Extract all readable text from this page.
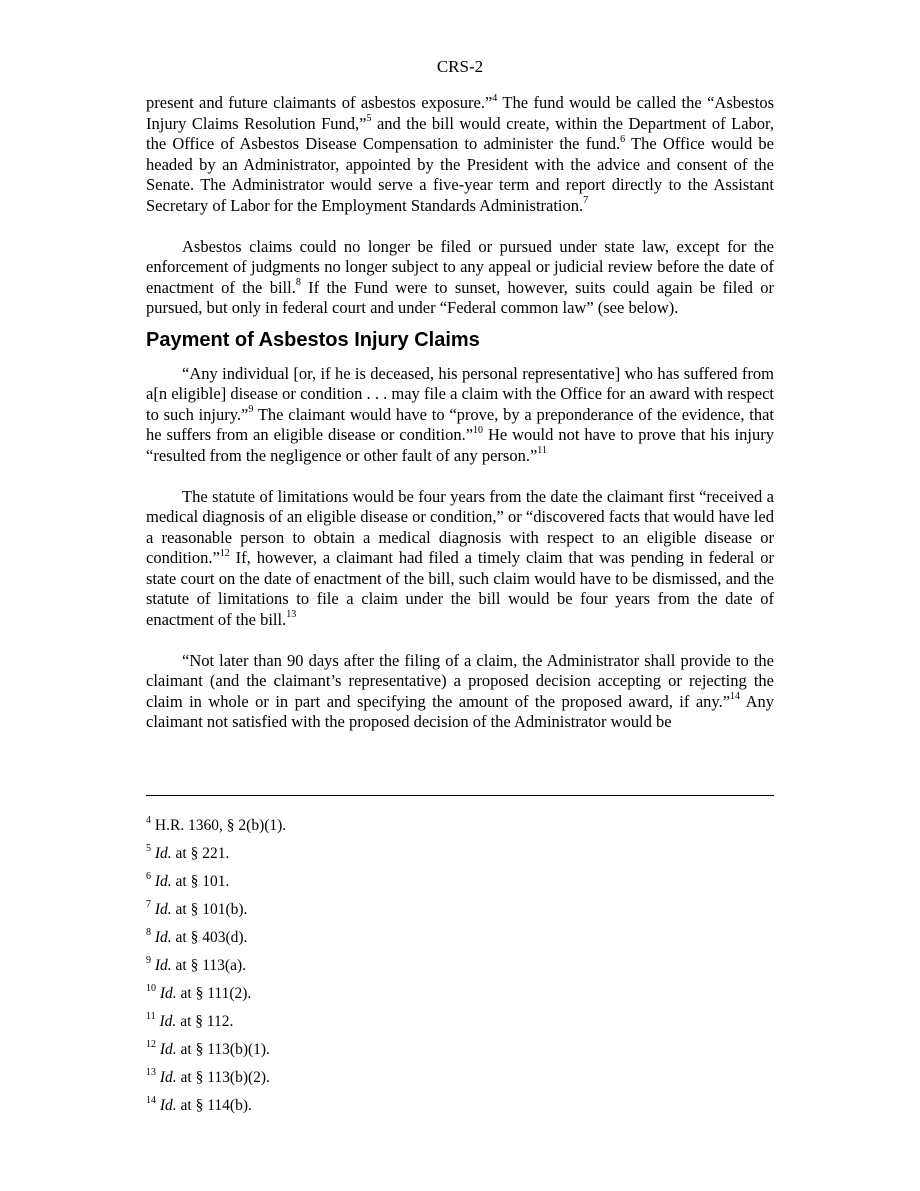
CRS-2

present and future claimants of asbestos exposure.”$^4$ The fund would be called the “Asbestos Injury Claims Resolution Fund,”$^5$ and the bill would create, within the Department of Labor, the Office of Asbestos Disease Compensation to administer the fund.$^6$ The Office would be headed by an Administrator, appointed by the President with the advice and consent of the Senate. The Administrator would serve a five-year term and report directly to the Assistant Secretary of Labor for the Employment Standards Administration.$^7$

Asbestos claims could no longer be filed or pursued under state law, except for the enforcement of judgments no longer subject to any appeal or judicial review before the date of enactment of the bill.$^8$ If the Fund were to sunset, however, suits could again be filed or pursued, but only in federal court and under “Federal common law” (see below).

Payment of Asbestos Injury Claims

“Any individual [or, if he is deceased, his personal representative] who has suffered from a[n eligible] disease or condition . . . may file a claim with the Office for an award with respect to such injury.”$^9$ The claimant would have to “prove, by a preponderance of the evidence, that he suffers from an eligible disease or condition.”$^{10}$ He would not have to prove that his injury “resulted from the negligence or other fault of any person.”$^{11}$

The statute of limitations would be four years from the date the claimant first “received a medical diagnosis of an eligible disease or condition,” or “discovered facts that would have led a reasonable person to obtain a medical diagnosis with respect to an eligible disease or condition.”$^{12}$ If, however, a claimant had filed a timely claim that was pending in federal or state court on the date of enactment of the bill, such claim would have to be dismissed, and the statute of limitations to file a claim under the bill would be four years from the date of enactment of the bill.$^{13}$

“Not later than 90 days after the filing of a claim, the Administrator shall provide to the claimant (and the claimant’s representative) a proposed decision accepting or rejecting the claim in whole or in part and specifying the amount of the proposed award, if any.”$^{14}$ Any claimant not satisfied with the proposed decision of the Administrator would be

$^4$ H.R. 1360, § 2(b)(1).
$^5$ Id. at § 221.
$^6$ Id. at § 101.
$^7$ Id. at § 101(b).
$^8$ Id. at § 403(d).
$^9$ Id. at § 113(a).
$^{10}$ Id. at § 111(2).
$^{11}$ Id. at § 112.
$^{12}$ Id. at § 113(b)(1).
$^{13}$ Id. at § 113(b)(2).
$^{14}$ Id. at § 114(b).
